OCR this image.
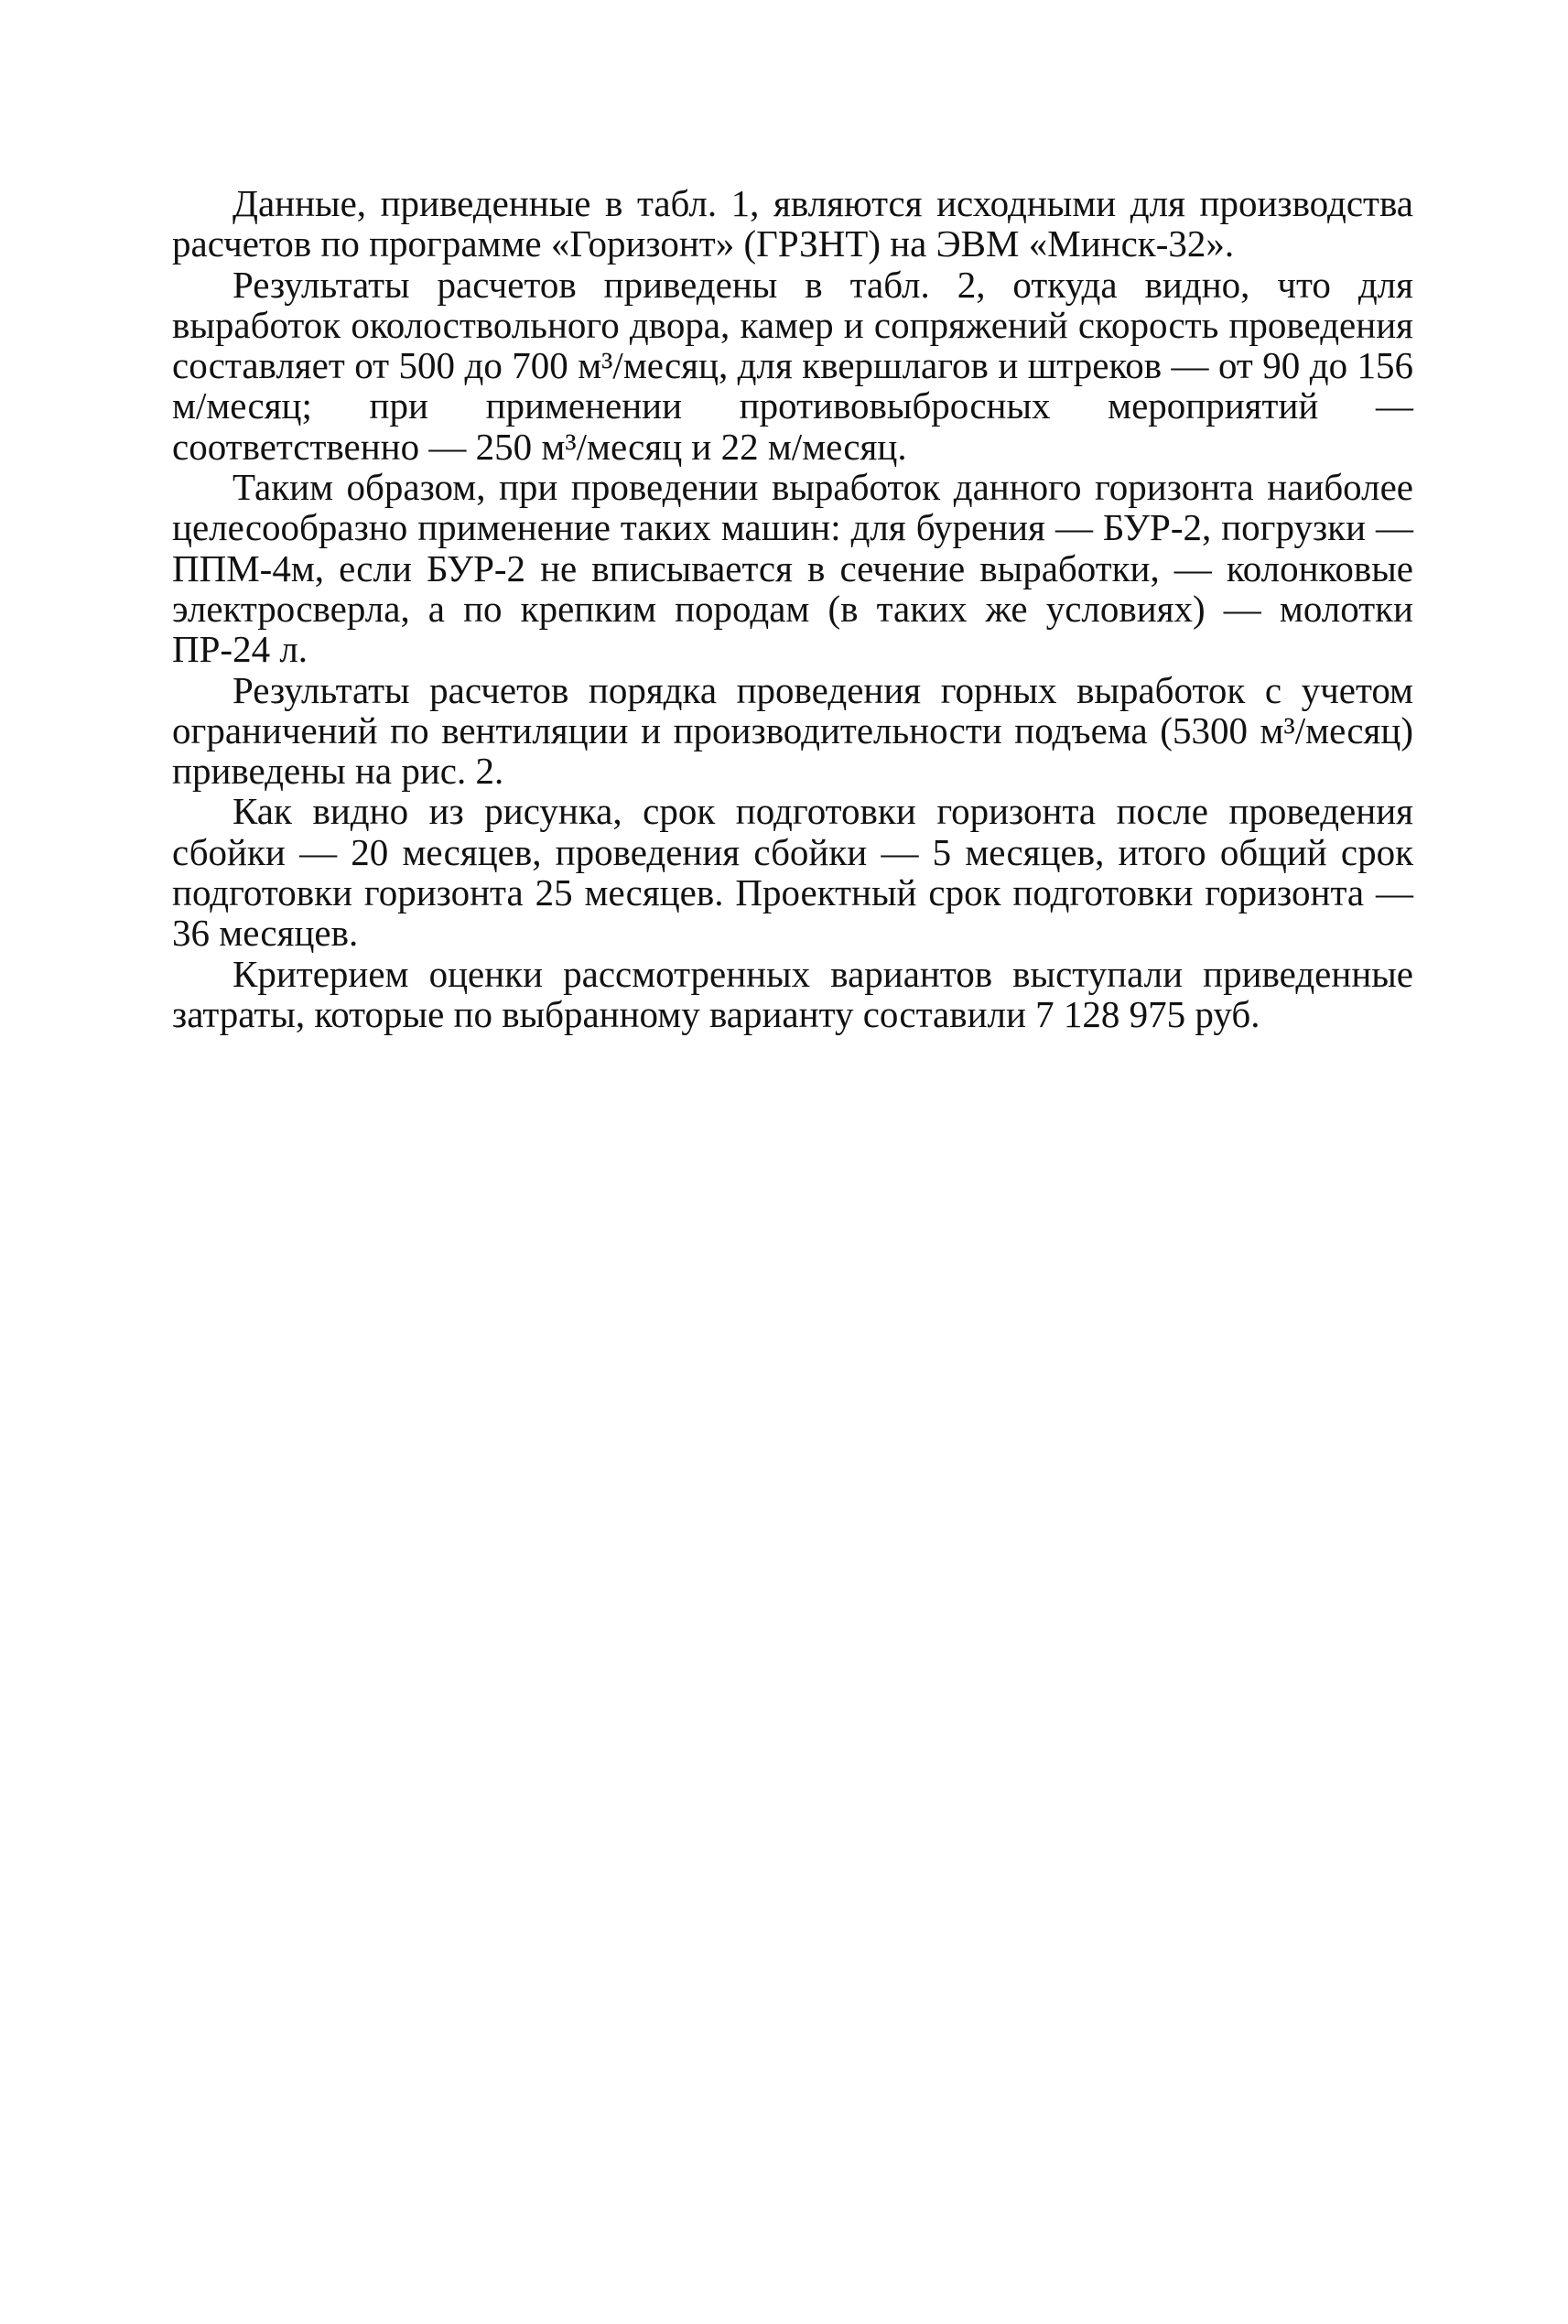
Данные, приведенные в табл. 1, являются исходными для производства расчетов по программе «Горизонт» (ГРЗНТ) на ЭВМ «Минск-32».

Результаты расчетов приведены в табл. 2, откуда видно, что для выработок околоствольного двора, камер и сопряжений скорость проведения составляет от 500 до 700 м³/месяц, для квершлагов и штреков — от 90 до 156 м/месяц; при применении противовыбросных мероприятий — соответственно — 250 м³/месяц и 22 м/месяц.

Таким образом, при проведении выработок данного горизонта наиболее целесообразно применение таких машин: для бурения — БУР-2, погрузки — ППМ-4м, если БУР-2 не вписывается в сечение выработки, — колонковые электросверла, а по крепким породам (в таких же условиях) — молотки ПР-24 л.

Результаты расчетов порядка проведения горных выработок с учетом ограничений по вентиляции и производительности подъема (5300 м³/месяц) приведены на рис. 2.

Как видно из рисунка, срок подготовки горизонта после проведения сбойки — 20 месяцев, проведения сбойки — 5 месяцев, итого общий срок подготовки горизонта 25 месяцев. Проектный срок подготовки горизонта — 36 месяцев.

Критерием оценки рассмотренных вариантов выступали приведенные затраты, которые по выбранному варианту составили 7 128 975 руб.
